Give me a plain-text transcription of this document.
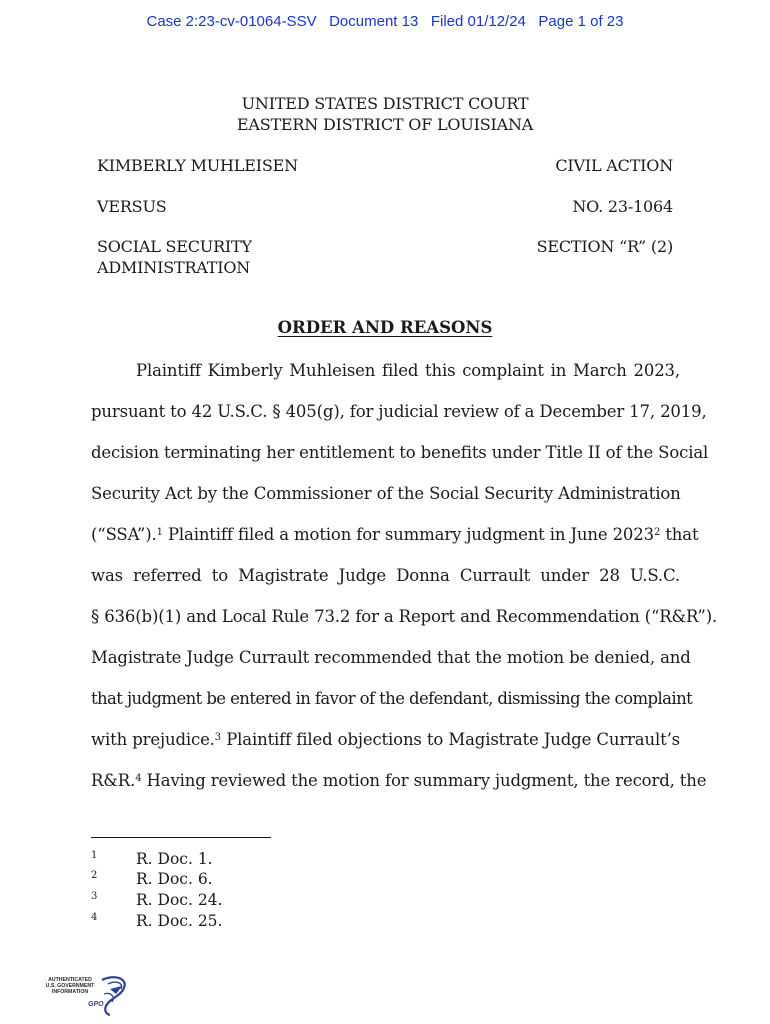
Case 2:23-cv-01064-SSV Document 13 Filed 01/12/24 Page 1 of 23
UNITED STATES DISTRICT COURT
EASTERN DISTRICT OF LOUISIANA
KIMBERLY MUHLEISEN	CIVIL ACTION
VERSUS	NO. 23-1064
SOCIAL SECURITY
ADMINISTRATION
SECTION “R” (2)
ORDER AND REASONS
Plaintiff Kimberly Muhleisen filed this complaint in March 2023,
pursuant to 42 U.S.C. § 405(g), for judicial review of a December 17, 2019,
decision terminating her entitlement to benefits under Title II of the Social
Security Act by the Commissioner of the Social Security Administration
(“SSA”).$^1$ Plaintiff filed a motion for summary judgment in June 2023$^2$ that
was referred to Magistrate Judge Donna Currault under 28 U.S.C.
§ 636(b)(1) and Local Rule 73.2 for a Report and Recommendation (“R&R”).
Magistrate Judge Currault recommended that the motion be denied, and
that judgment be entered in favor of the defendant, dismissing the complaint
with prejudice.$^3$ Plaintiff filed objections to Magistrate Judge Currault’s
R&R.$^4$ Having reviewed the motion for summary judgment, the record, the
1 R. Doc. 1.
2 R. Doc. 6.
3 R. Doc. 24.
4 R. Doc. 25.
AUTHENTICATED
U.S. GOVERNMENT
INFORMATION
GPO
